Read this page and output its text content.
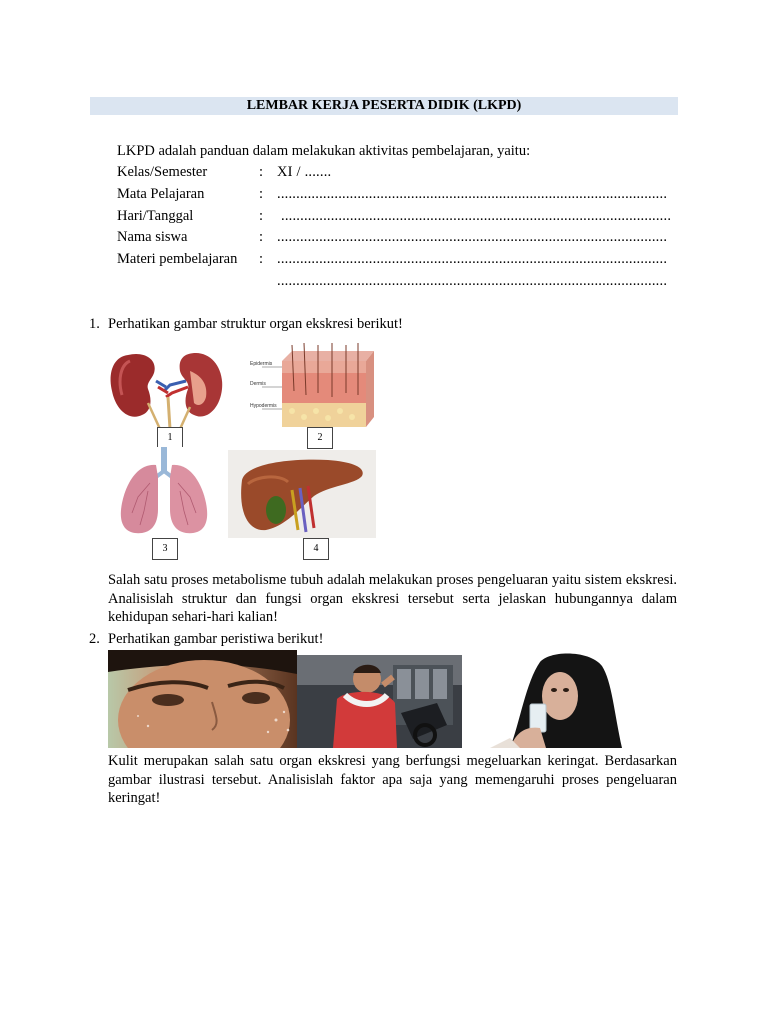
LEMBAR KERJA PESERTA DIDIK (LKPD)
LKPD adalah panduan dalam melakukan aktivitas pembelajaran, yaitu:
Kelas/Semester	: XI / .......
Mata Pelajaran	: ......................................................................................................
Hari/Tanggal	: ......................................................................................................
Nama siswa	: ......................................................................................................
Materi pembelajaran : ......................................................................................................
......................................................................................................
1. Perhatikan gambar struktur organ ekskresi berikut!
1
Epidermis
Dermis
Hypodermis
2
3	4
Salah satu proses metabolisme tubuh adalah melakukan proses pengeluaran yaitu sistem ekskresi. Analisislah struktur dan fungsi organ ekskresi tersebut serta jelaskan hubungannya dalam kehidupan sehari-hari kalian!
2. Perhatikan gambar peristiwa berikut!
Kulit merupakan salah satu organ ekskresi yang berfungsi megeluarkan keringat. Berdasarkan gambar ilustrasi tersebut. Analisislah faktor apa saja yang memengaruhi proses pengeluaran keringat!
